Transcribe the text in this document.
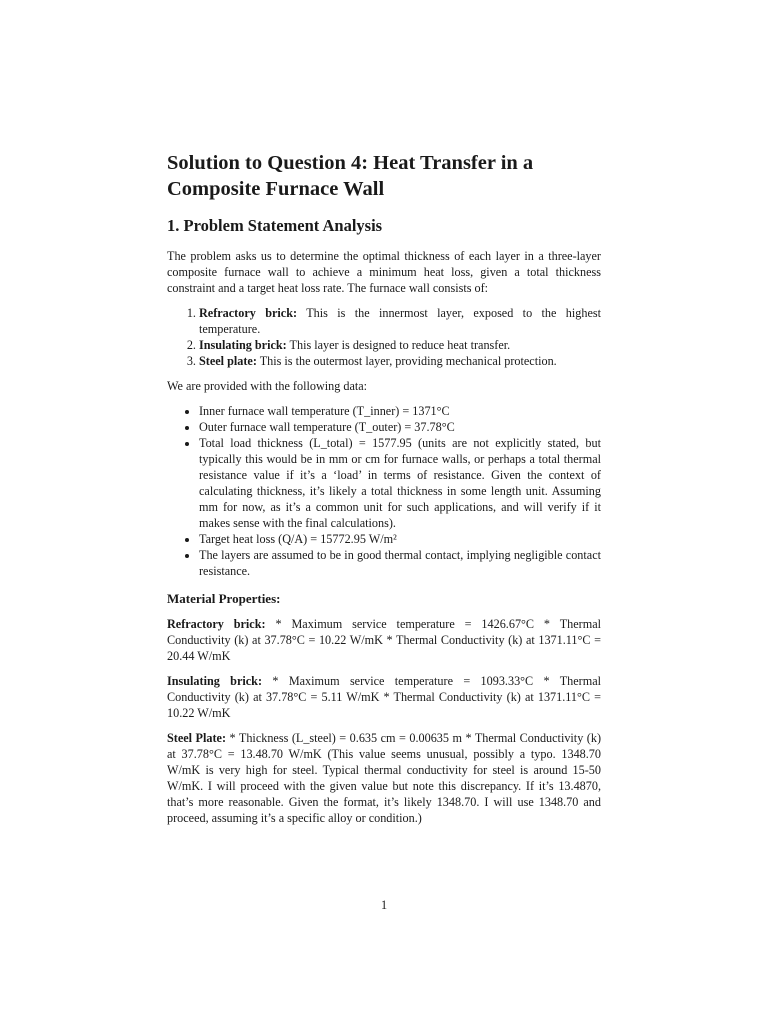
Solution to Question 4: Heat Transfer in a Composite Furnace Wall
1. Problem Statement Analysis

The problem asks us to determine the optimal thickness of each layer in a three-layer composite furnace wall to achieve a minimum heat loss, given a total thickness constraint and a target heat loss rate. The furnace wall consists of:

1. Refractory brick: This is the innermost layer, exposed to the highest temperature.
2. Insulating brick: This layer is designed to reduce heat transfer.
3. Steel plate: This is the outermost layer, providing mechanical protection.

We are provided with the following data:

• Inner furnace wall temperature (T_inner) = 1371°C
• Outer furnace wall temperature (T_outer) = 37.78°C
• Total load thickness (L_total) = 1577.95 (units are not explicitly stated, but typically this would be in mm or cm for furnace walls, or perhaps a total thermal resistance value if it’s a ‘load’ in terms of resistance. Given the context of calculating thickness, it’s likely a total thickness in some length unit. Assuming mm for now, as it’s a common unit for such applications, and will verify if it makes sense with the final calculations).
• Target heat loss (Q/A) = 15772.95 W/m²
• The layers are assumed to be in good thermal contact, implying negligible contact resistance.
Material Properties:

Refractory brick: * Maximum service temperature = 1426.67°C * Thermal Conductivity (k) at 37.78°C = 10.22 W/mK * Thermal Conductivity (k) at 1371.11°C = 20.44 W/mK

Insulating brick: * Maximum service temperature = 1093.33°C * Thermal Conductivity (k) at 37.78°C = 5.11 W/mK * Thermal Conductivity (k) at 1371.11°C = 10.22 W/mK

Steel Plate: * Thickness (L_steel) = 0.635 cm = 0.00635 m * Thermal Conductivity (k) at 37.78°C = 13.48.70 W/mK (This value seems unusual, possibly a typo. 1348.70 W/mK is very high for steel. Typical thermal conductivity for steel is around 15-50 W/mK. I will proceed with the given value but note this discrepancy. If it’s 13.4870, that’s more reasonable. Given the format, it’s likely 1348.70. I will use 1348.70 and proceed, assuming it’s a specific alloy or condition.)

1
